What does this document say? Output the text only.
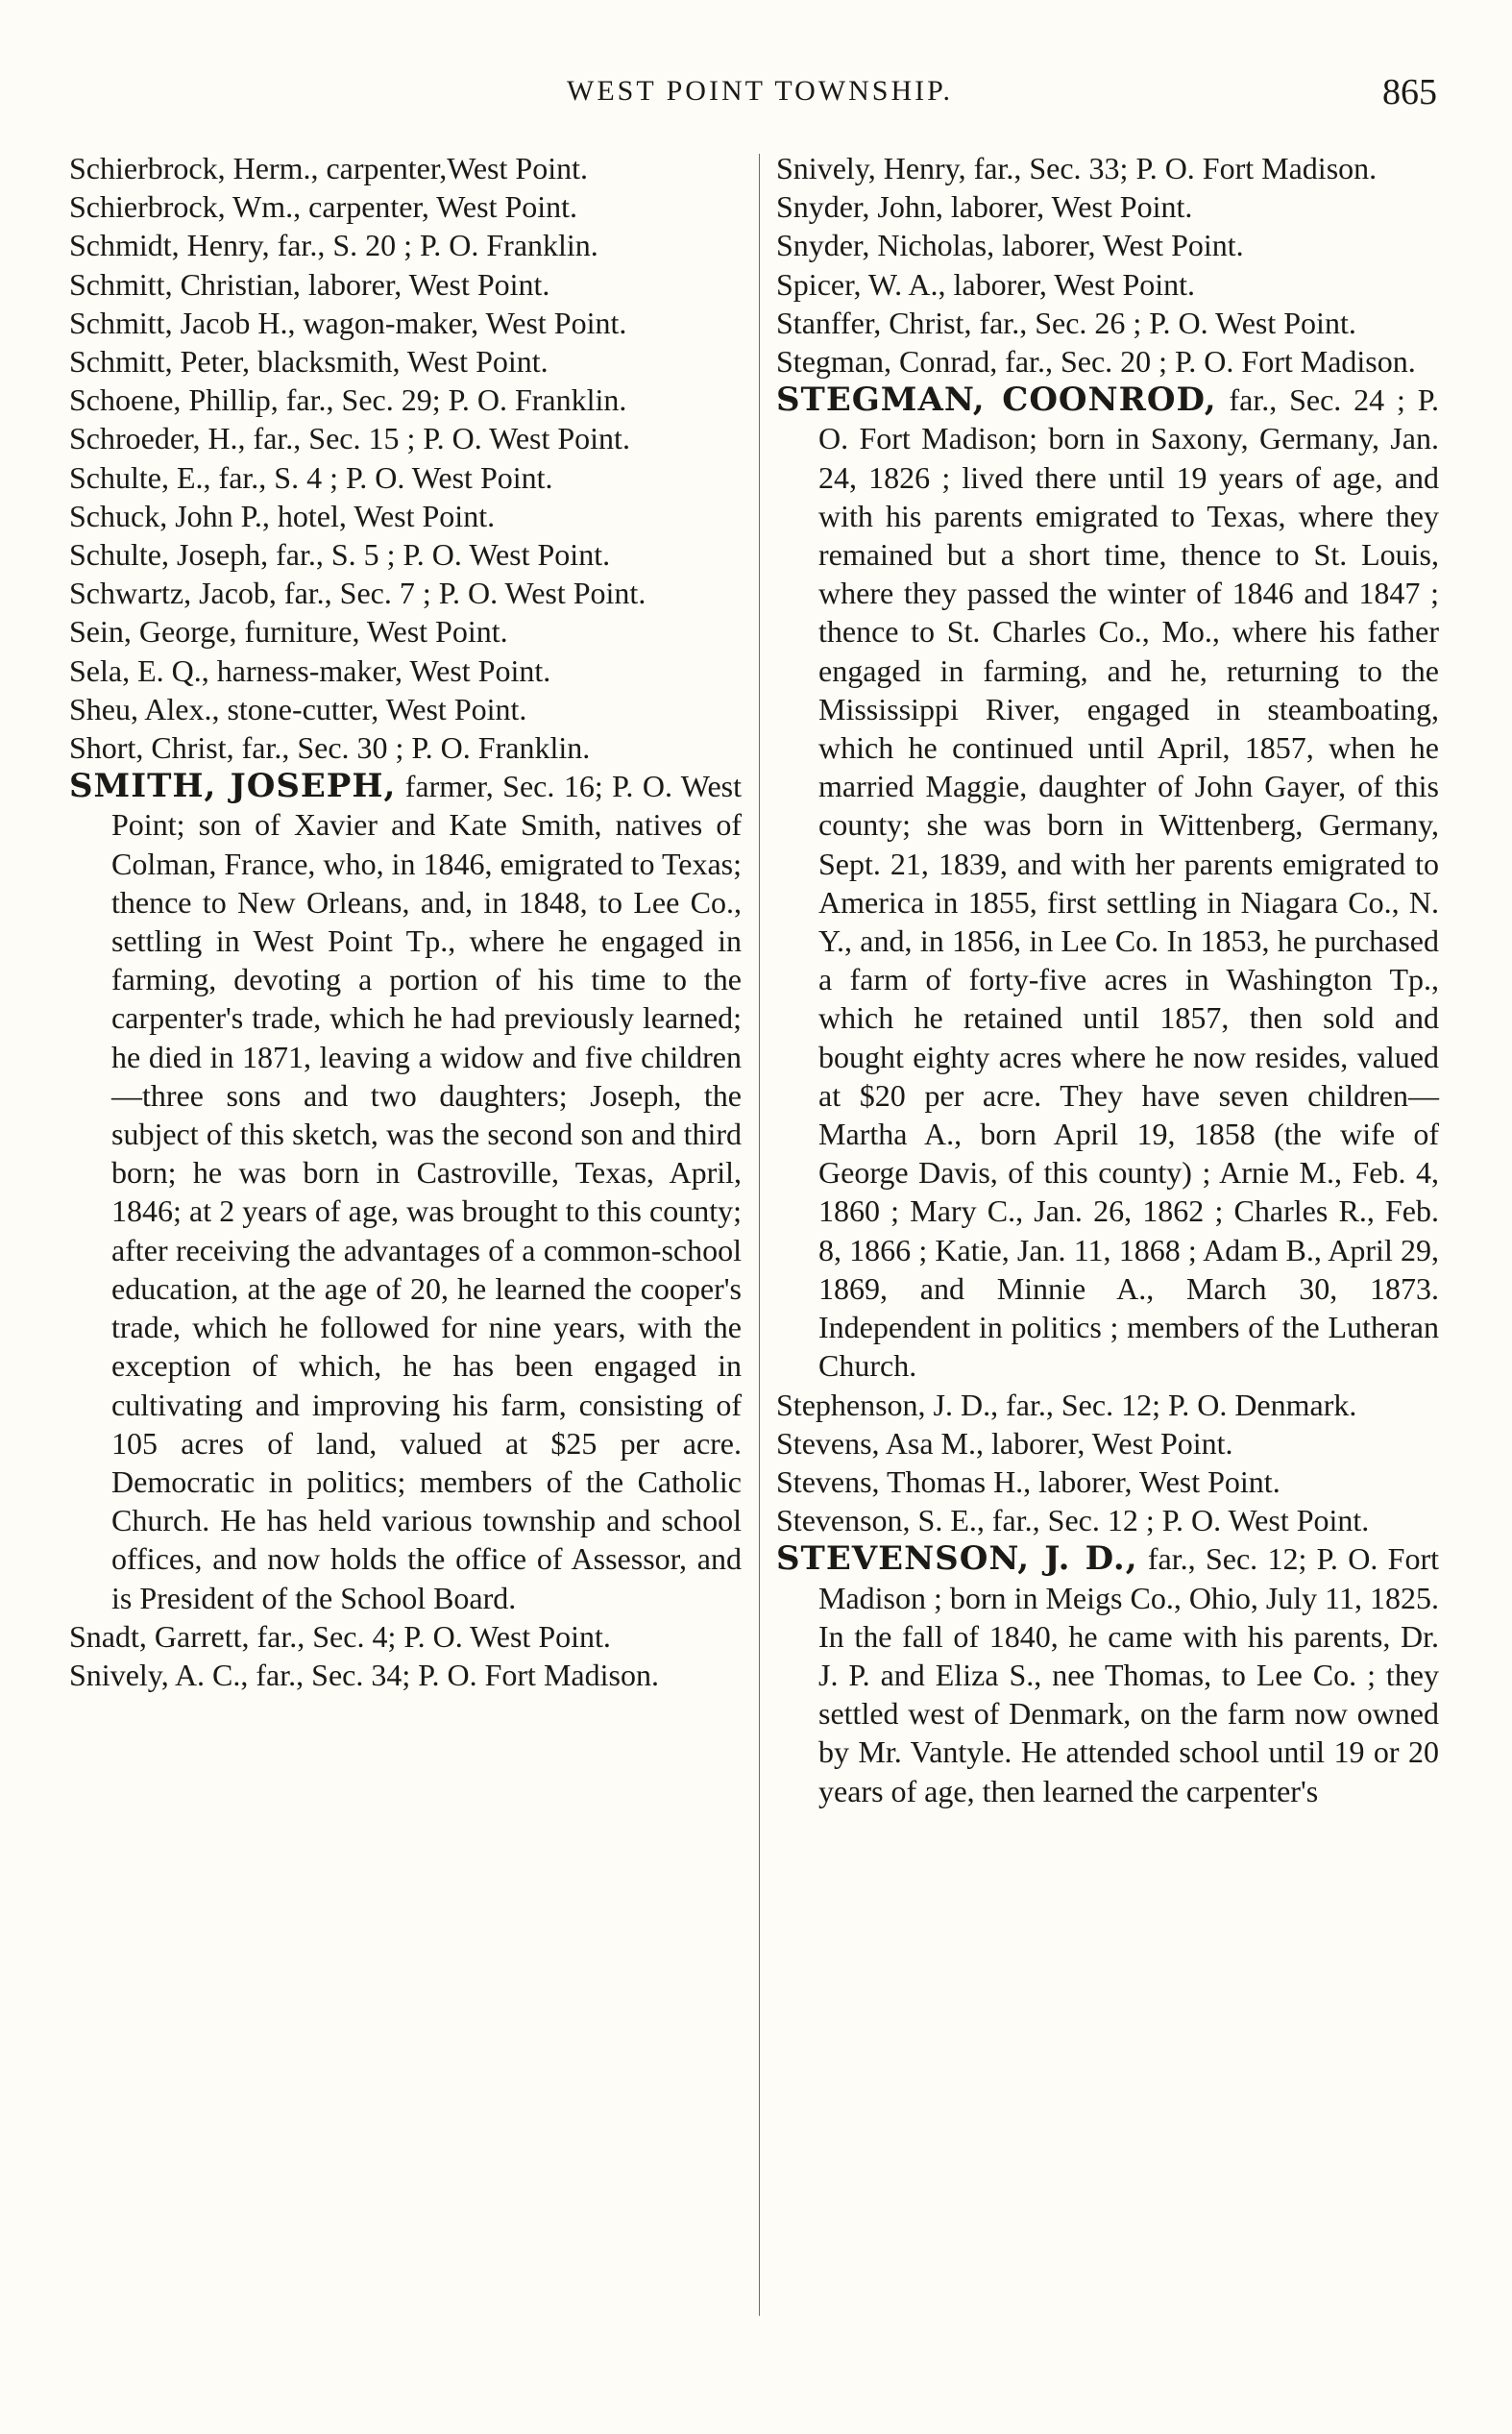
WEST POINT TOWNSHIP.	865

Schierbrock, Herm., carpenter,West Point.

Schierbrock, Wm., carpenter, West Point.

Schmidt, Henry, far., S. 20 ; P. O. Franklin.

Schmitt, Christian, laborer, West Point.

Schmitt, Jacob H., wagon-maker, West Point.

Schmitt, Peter, blacksmith, West Point.

Schoene, Phillip, far., Sec. 29; P. O. Franklin.

Schroeder, H., far., Sec. 15 ; P. O. West Point.

Schulte, E., far., S. 4 ; P. O. West Point.

Schuck, John P., hotel, West Point.

Schulte, Joseph, far., S. 5 ; P. O. West Point.

Schwartz, Jacob, far., Sec. 7 ; P. O. West Point.

Sein, George, furniture, West Point.

Sela, E. Q., harness-maker, West Point.

Sheu, Alex., stone-cutter, West Point.

Short, Christ, far., Sec. 30 ; P. O. Franklin.

SMITH, JOSEPH, farmer, Sec. 16; P. O. West Point; son of Xavier and Kate Smith, natives of Colman, France, who, in 1846, emigrated to Texas; thence to New Orleans, and, in 1848, to Lee Co., settling in West Point Tp., where he engaged in farming, devoting a portion of his time to the carpenter's trade, which he had previously learned; he died in 1871, leaving a widow and five children—three sons and two daughters; Joseph, the subject of this sketch, was the second son and third born; he was born in Castroville, Texas, April, 1846; at 2 years of age, was brought to this county; after receiving the advantages of a common-school education, at the age of 20, he learned the cooper's trade, which he followed for nine years, with the exception of which, he has been engaged in cultivating and improving his farm, consisting of 105 acres of land, valued at $25 per acre. Democratic in politics; members of the Catholic Church. He has held various township and school offices, and now holds the office of Assessor, and is President of the School Board.

Snadt, Garrett, far., Sec. 4; P. O. West Point.

Snively, A. C., far., Sec. 34; P. O. Fort Madison.

Snively, Henry, far., Sec. 33; P. O. Fort Madison.

Snyder, John, laborer, West Point.

Snyder, Nicholas, laborer, West Point.

Spicer, W. A., laborer, West Point.

Stanffer, Christ, far., Sec. 26 ; P. O. West Point.

Stegman, Conrad, far., Sec. 20 ; P. O. Fort Madison.

STEGMAN, COONROD, far., Sec. 24 ; P. O. Fort Madison; born in Saxony, Germany, Jan. 24, 1826 ; lived there until 19 years of age, and with his parents emigrated to Texas, where they remained but a short time, thence to St. Louis, where they passed the winter of 1846 and 1847 ; thence to St. Charles Co., Mo., where his father engaged in farming, and he, returning to the Mississippi River, engaged in steamboating, which he continued until April, 1857, when he married Maggie, daughter of John Gayer, of this county; she was born in Wittenberg, Germany, Sept. 21, 1839, and with her parents emigrated to America in 1855, first settling in Niagara Co., N. Y., and, in 1856, in Lee Co. In 1853, he purchased a farm of forty-five acres in Washington Tp., which he retained until 1857, then sold and bought eighty acres where he now resides, valued at $20 per acre. They have seven children—Martha A., born April 19, 1858 (the wife of George Davis, of this county) ; Arnie M., Feb. 4, 1860 ; Mary C., Jan. 26, 1862 ; Charles R., Feb. 8, 1866 ; Katie, Jan. 11, 1868 ; Adam B., April 29, 1869, and Minnie A., March 30, 1873. Independent in politics ; members of the Lutheran Church.

Stephenson, J. D., far., Sec. 12; P. O. Denmark.

Stevens, Asa M., laborer, West Point.

Stevens, Thomas H., laborer, West Point.

Stevenson, S. E., far., Sec. 12 ; P. O. West Point.

STEVENSON, J. D., far., Sec. 12; P. O. Fort Madison ; born in Meigs Co., Ohio, July 11, 1825. In the fall of 1840, he came with his parents, Dr. J. P. and Eliza S., nee Thomas, to Lee Co. ; they settled west of Denmark, on the farm now owned by Mr. Vantyle. He attended school until 19 or 20 years of age, then learned the carpenter's
